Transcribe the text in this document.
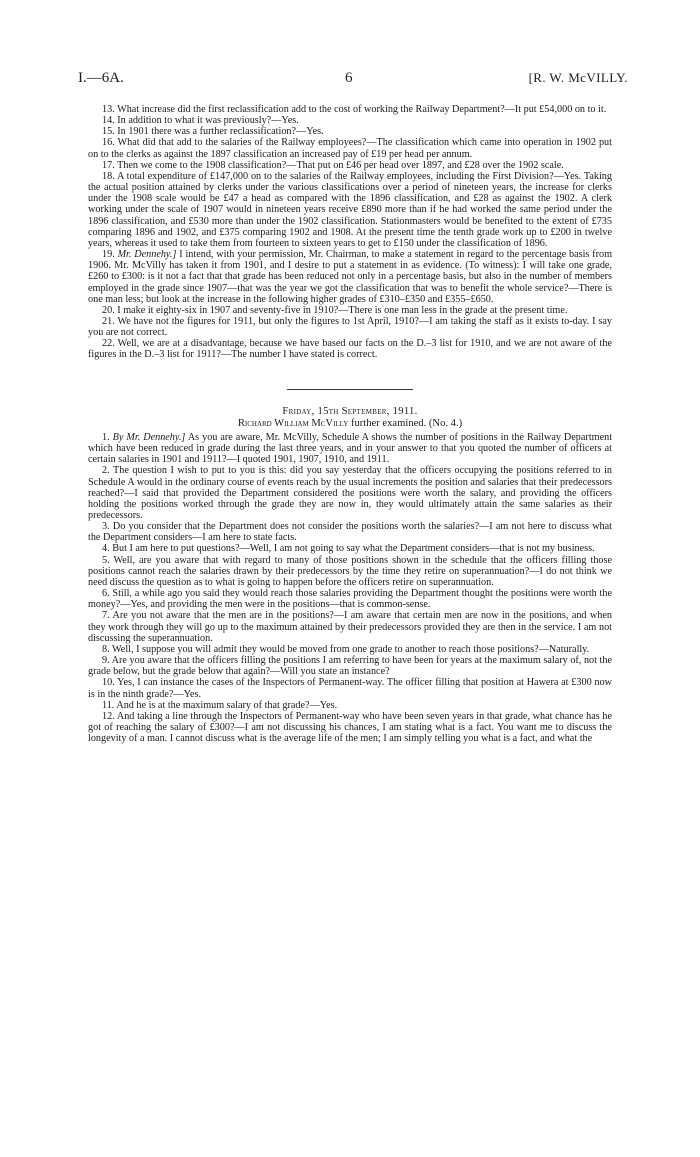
I.—6A.	6	[R. W. McVILLY.

13. What increase did the first reclassification add to the cost of working the Railway Department?—It put £54,000 on to it.

14. In addition to what it was previously?—Yes.

15. In 1901 there was a further reclassification?—Yes.

16. What did that add to the salaries of the Railway employees?—The classification which came into operation in 1902 put on to the clerks as against the 1897 classification an increased pay of £19 per head per annum.

17. Then we come to the 1908 classification?—That put on £46 per head over 1897, and £28 over the 1902 scale.

18. A total expenditure of £147,000 on to the salaries of the Railway employees, including the First Division?—Yes. Taking the actual position attained by clerks under the various classifications over a period of nineteen years, the increase for clerks under the 1908 scale would be £47 a head as compared with the 1896 classification, and £28 as against the 1902. A clerk working under the scale of 1907 would in nineteen years receive £890 more than if he had worked the same period under the 1896 classification, and £530 more than under the 1902 classification. Stationmasters would be benefited to the extent of £735 comparing 1896 and 1902, and £375 comparing 1902 and 1908. At the present time the tenth grade work up to £200 in twelve years, whereas it used to take them from fourteen to sixteen years to get to £150 under the classification of 1896.

19. Mr. Dennehy.] I intend, with your permission, Mr. Chairman, to make a statement in regard to the percentage basis from 1906. Mr. McVilly has taken it from 1901, and I desire to put a statement in as evidence. (To witness): I will take one grade, £260 to £300: is it not a fact that that grade has been reduced not only in a percentage basis, but also in the number of members employed in the grade since 1907—that was the year we got the classification that was to benefit the whole service?—There is one man less; but look at the increase in the following higher grades of £310–£350 and £355–£650.

20. I make it eighty-six in 1907 and seventy-five in 1910?—There is one man less in the grade at the present time.

21. We have not the figures for 1911, but only the figures to 1st April, 1910?—I am taking the staff as it exists to-day. I say you are not correct.

22. Well, we are at a disadvantage, because we have based our facts on the D.–3 list for 1910, and we are not aware of the figures in the D.–3 list for 1911?—The number I have stated is correct.

Friday, 15th September, 1911.
Richard William McVilly further examined. (No. 4.)

1. By Mr. Dennehy.] As you are aware, Mr. McVilly, Schedule A shows the number of positions in the Railway Department which have been reduced in grade during the last three years, and in your answer to that you quoted the number of officers at certain salaries in 1901 and 1911?—I quoted 1901, 1907, 1910, and 1911.

2. The question I wish to put to you is this: did you say yesterday that the officers occupying the positions referred to in Schedule A would in the ordinary course of events reach by the usual increments the position and salaries that their predecessors reached?—I said that provided the Department considered the positions were worth the salary, and providing the officers holding the positions worked through the grade they are now in, they would ultimately attain the same salaries as their predecessors.

3. Do you consider that the Department does not consider the positions worth the salaries?—I am not here to discuss what the Department considers—I am here to state facts.

4. But I am here to put questions?—Well, I am not going to say what the Department considers—that is not my business.

5. Well, are you aware that with regard to many of those positions shown in the schedule that the officers filling those positions cannot reach the salaries drawn by their predecessors by the time they retire on superannuation?—I do not think we need discuss the question as to what is going to happen before the officers retire on superannuation.

6. Still, a while ago you said they would reach those salaries providing the Department thought the positions were worth the money?—Yes, and providing the men were in the positions—that is common-sense.

7. Are you not aware that the men are in the positions?—I am aware that certain men are now in the positions, and when they work through they will go up to the maximum attained by their predecessors provided they are then in the service. I am not discussing the superannuation.

8. Well, I suppose you will admit they would be moved from one grade to another to reach those positions?—Naturally.

9. Are you aware that the officers filling the positions I am referring to have been for years at the maximum salary of, not the grade below, but the grade below that again?—Will you state an instance?

10. Yes, I can instance the cases of the Inspectors of Permanent-way. The officer filling that position at Hawera at £300 now is in the ninth grade?—Yes.

11. And he is at the maximum salary of that grade?—Yes.

12. And taking a line through the Inspectors of Permanent-way who have been seven years in that grade, what chance has he got of reaching the salary of £300?—I am not discussing his chances, I am stating what is a fact. You want me to discuss the longevity of a man. I cannot discuss what is the average life of the men; I am simply telling you what is a fact, and what the
